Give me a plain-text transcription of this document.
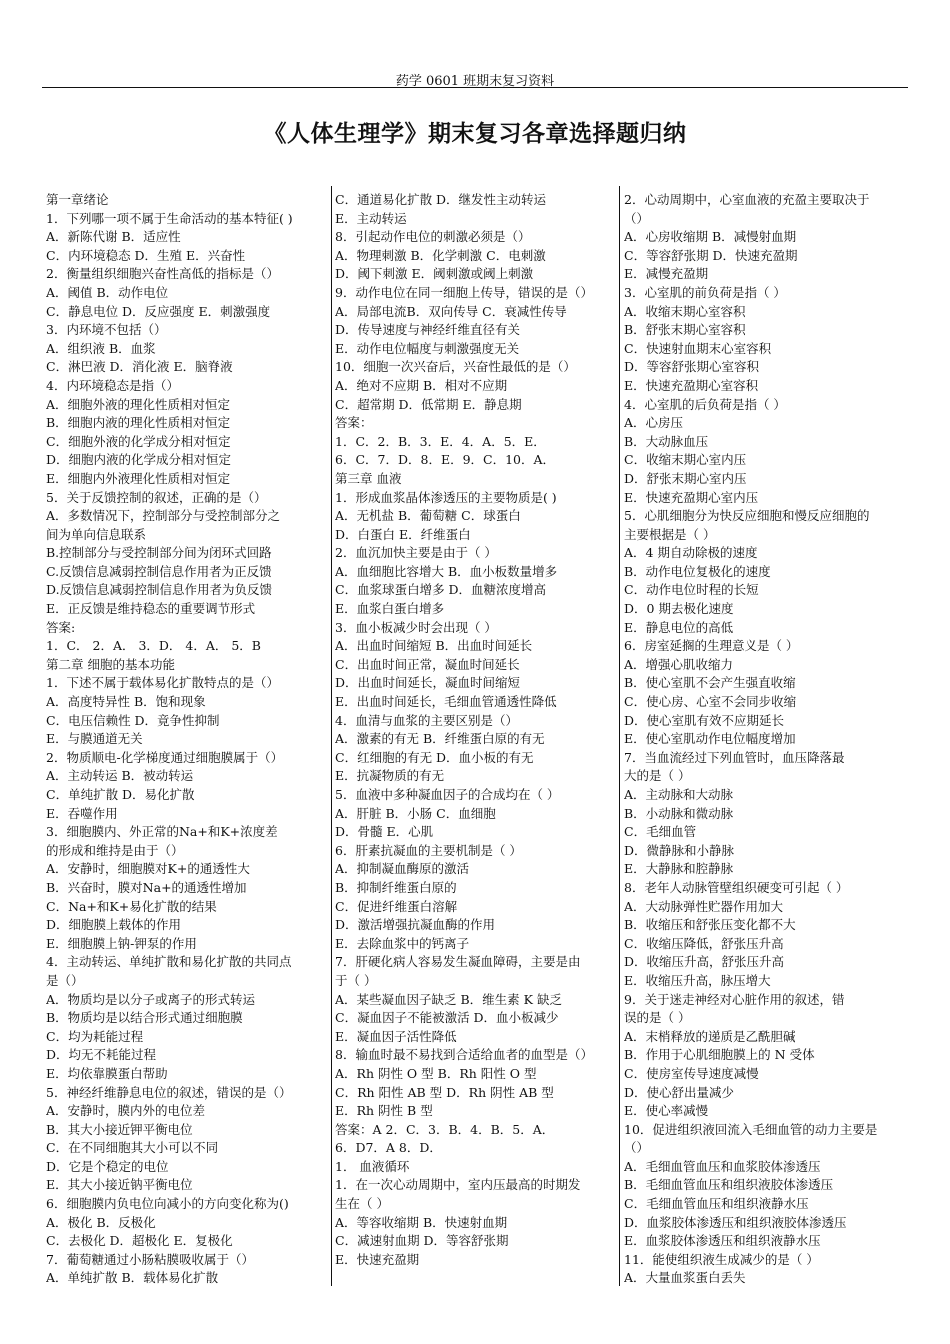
药学 0601 班期末复习资料
《人体生理学》期末复习各章选择题归纳
第一章绪论
1．下列哪一项不属于生命活动的基本特征( )
A．新陈代谢 B．适应性
C．内环境稳态 D．生殖 E．兴奋性
2．衡量组织细胞兴奋性高低的指标是（）
A．阈值 B．动作电位
C．静息电位 D．反应强度 E．刺激强度
3．内环境不包括（）
A．组织液 B．血浆
C．淋巴液 D．消化液 E．脑脊液
4．内环境稳态是指（）
A．细胞外液的理化性质相对恒定
B．细胞内液的理化性质相对恒定
C．细胞外液的化学成分相对恒定
D．细胞内液的化学成分相对恒定
E．细胞内外液理化性质相对恒定
5．关于反馈控制的叙述，正确的是（）
A．多数情况下，控制部分与受控制部分之
间为单向信息联系
B.控制部分与受控制部分间为闭环式回路
C.反馈信息减弱控制信息作用者为正反馈
D.反馈信息减弱控制信息作用者为负反馈
E．正反馈是维持稳态的重要调节形式
答案:
1．C． 2．A． 3．D． 4．A． 5．B
第二章 细胞的基本功能
1．下述不属于载体易化扩散特点的是（）
A．高度特异性 B．饱和现象
C．电压信赖性 D．竟争性抑制
E．与膜通道无关
2．物质顺电-化学梯度通过细胞膜属于（）
A．主动转运 B．被动转运
C．单纯扩散 D．易化扩散
E．吞噬作用
3．细胞膜内、外正常的Na+和K+浓度差
的形成和维持是由于（）
A．安静时，细胞膜对K+的通透性大
B．兴奋时，膜对Na+的通透性增加
C．Na+和K+易化扩散的结果
D．细胞膜上载体的作用
E．细胞膜上钠-钾泵的作用
4．主动转运、单纯扩散和易化扩散的共同点
是（）
A．物质均是以分子或离子的形式转运
B．物质均是以结合形式通过细胞膜
C．均为耗能过程
D．均无不耗能过程
E．均依靠膜蛋白帮助
5．神经纤维静息电位的叙述，错误的是（）
A．安静时，膜内外的电位差
B．其大小接近钾平衡电位
C．在不同细胞其大小可以不同
D．它是个稳定的电位
E．其大小接近钠平衡电位
6．细胞膜内负电位向减小的方向变化称为()
A．极化 B．反极化
C．去极化 D．超极化 E．复极化
7．葡萄糖通过小肠粘膜吸收属于（）
A．单纯扩散 B．载体易化扩散
C．通道易化扩散 D．继发性主动转运
E．主动转运
8．引起动作电位的刺激必须是（）
A．物理刺激 B．化学刺激 C．电刺激
D．阈下刺激 E．阈刺激或阈上刺激
9．动作电位在同一细胞上传导，错误的是（）
A．局部电流B．双向传导 C．衰减性传导
D．传导速度与神经纤维直径有关
E．动作电位幅度与刺激强度无关
10．细胞一次兴奋后，兴奋性最低的是（）
A．绝对不应期 B．相对不应期
C．超常期 D．低常期 E．静息期
答案：
1．C．2．B．3．E．4．A．5．E．
6．C．7．D．8．E．9．C．10．A．
第三章 血液
1．形成血浆晶体渗透压的主要物质是( )
A．无机盐 B．葡萄糖 C．球蛋白
D．白蛋白 E．纤维蛋白
2．血沉加快主要是由于（ ）
A．血细胞比容增大 B．血小板数量增多
C．血浆球蛋白增多 D．血糖浓度增高
E．血浆白蛋白增多
3．血小板减少时会出现（ ）
A．出血时间缩短 B．出血时间延长
C．出血时间正常，凝血时间延长
D．出血时间延长，凝血时间缩短
E．出血时间延长，毛细血管通透性降低
4．血清与血浆的主要区别是（）
A．激素的有无 B．纤维蛋白原的有无
C．红细胞的有无 D．血小板的有无
E．抗凝物质的有无
5．血液中多种凝血因子的合成均在（ ）
A．肝脏 B．小肠 C．血细胞
D．骨髓 E．心肌
6．肝素抗凝血的主要机制是（ ）
A．抑制凝血酶原的激活
B．抑制纤维蛋白原的
C．促进纤维蛋白溶解
D．激活增强抗凝血酶的作用
E．去除血浆中的钙离子
7．肝硬化病人容易发生凝血障碍，主要是由
于（ ）
A．某些凝血因子缺乏 B．维生素 K 缺乏
C．凝血因子不能被激活 D．血小板减少
E．凝血因子活性降低
8．输血时最不易找到合适给血者的血型是（）
A．Rh 阴性 O 型 B．Rh 阳性 O 型
C．Rh 阳性 AB 型 D．Rh 阴性 AB 型
E．Rh 阴性 B 型
答案：A 2．C．3．B．4．B．5．A．
6．D7．A 8．D．
1． 血液循环
1．在一次心动周期中，室内压最高的时期发
生在（ ）
A．等容收缩期 B．快速射血期
C．减速射血期 D．等容舒张期
E．快速充盈期
2．心动周期中，心室血液的充盈主要取决于
（）
A．心房收缩期 B．减慢射血期
C．等容舒张期 D．快速充盈期
E．减慢充盈期
3．心室肌的前负荷是指（ ）
A．收缩末期心室容积
B．舒张末期心室容积
C．快速射血期末心室容积
D．等容舒张期心室容积
E．快速充盈期心室容积
4．心室肌的后负荷是指（ ）
A．心房压
B．大动脉血压
C．收缩末期心室内压
D．舒张末期心室内压
E．快速充盈期心室内压
5．心肌细胞分为快反应细胞和慢反应细胞的
主要根据是（ ）
A．4 期自动除极的速度
B．动作电位复极化的速度
C．动作电位时程的长短
D．0 期去极化速度
E．静息电位的高低
6．房室延搁的生理意义是（ ）
A．增强心肌收缩力
B．使心室肌不会产生强直收缩
C．使心房、心室不会同步收缩
D．使心室肌有效不应期延长
E．使心室肌动作电位幅度增加
7．当血流经过下列血管时，血压降落最
大的是（ ）
A．主动脉和大动脉
B．小动脉和微动脉
C．毛细血管
D．微静脉和小静脉
E．大静脉和腔静脉
8．老年人动脉管壁组织硬变可引起（ ）
A．大动脉弹性贮器作用加大
B．收缩压和舒张压变化都不大
C．收缩压降低，舒张压升高
D．收缩压升高，舒张压升高
E．收缩压升高，脉压增大
9．关于迷走神经对心脏作用的叙述，错
误的是（ ）
A．末梢释放的递质是乙酰胆碱
B．作用于心肌细胞膜上的 N 受体
C．使房室传导速度减慢
D．使心舒出量减少
E．使心率减慢
10．促进组织液回流入毛细血管的动力主要是
（）
A．毛细血管血压和血浆胶体渗透压
B．毛细血管血压和组织液胶体渗透压
C．毛细血管血压和组织液静水压
D．血浆胶体渗透压和组织液胶体渗透压
E．血浆胶体渗透压和组织液静水压
11．能使组织液生成减少的是（ ）
A．大量血浆蛋白丢失
